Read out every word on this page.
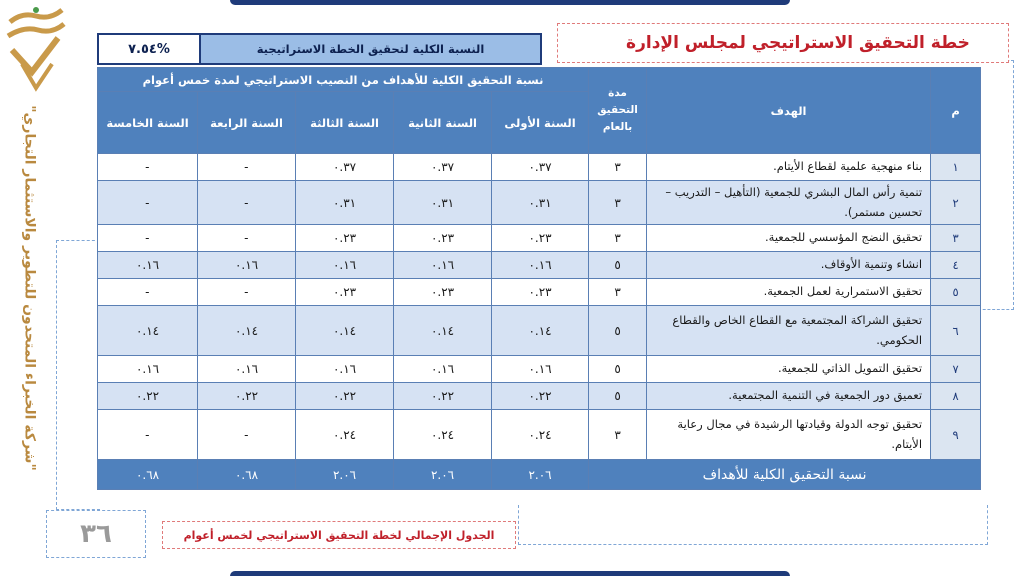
"شركة الخبراء المتحدون للتطوير والاستثمار التجاري"
خطة التحقيق الاستراتيجي لمجلس الإدارة
النسبة الكلية لتحقيق الخطة الاستراتيجية
%٧.٥٤
م	الهدف	مدة التحقيق بالعام	نسبة التحقيق الكلية للأهداف من النصيب الاستراتيجي لمدة خمس أعوام				
			السنة الأولى	السنة الثانية	السنة الثالثة	السنة الرابعة	السنة الخامسة
١	بناء منهجية علمية لقطاع الأيتام.	٣	٠.٣٧	٠.٣٧	٠.٣٧	-	-
٢	تنمية رأس المال البشري للجمعية (التأهيل – التدريب – تحسين مستمر).	٣	٠.٣١	٠.٣١	٠.٣١	-	-
٣	تحقيق النضج المؤسسي للجمعية.	٣	٠.٢٣	٠.٢٣	٠.٢٣	-	-
٤	انشاء وتنمية الأوقاف.	٥	٠.١٦	٠.١٦	٠.١٦	٠.١٦	٠.١٦
٥	تحقيق الاستمرارية لعمل الجمعية.	٣	٠.٢٣	٠.٢٣	٠.٢٣	-	-
٦	تحقيق الشراكة المجتمعية مع القطاع الخاص والقطاع الحكومي.	٥	٠.١٤	٠.١٤	٠.١٤	٠.١٤	٠.١٤
٧	تحقيق التمويل الذاتي للجمعية.	٥	٠.١٦	٠.١٦	٠.١٦	٠.١٦	٠.١٦
٨	تعميق دور الجمعية في التنمية المجتمعية.	٥	٠.٢٢	٠.٢٢	٠.٢٢	٠.٢٢	٠.٢٢
٩	تحقيق توجه الدولة وقيادتها الرشيدة في مجال رعاية الأيتام.	٣	٠.٢٤	٠.٢٤	٠.٢٤	-	-
نسبة التحقيق الكلية للأهداف			٢.٠٦	٢.٠٦	٢.٠٦	٠.٦٨	٠.٦٨
٣٦	الجدول الإجمالي لخطة التحقيق الاستراتيجي لخمس أعوام
